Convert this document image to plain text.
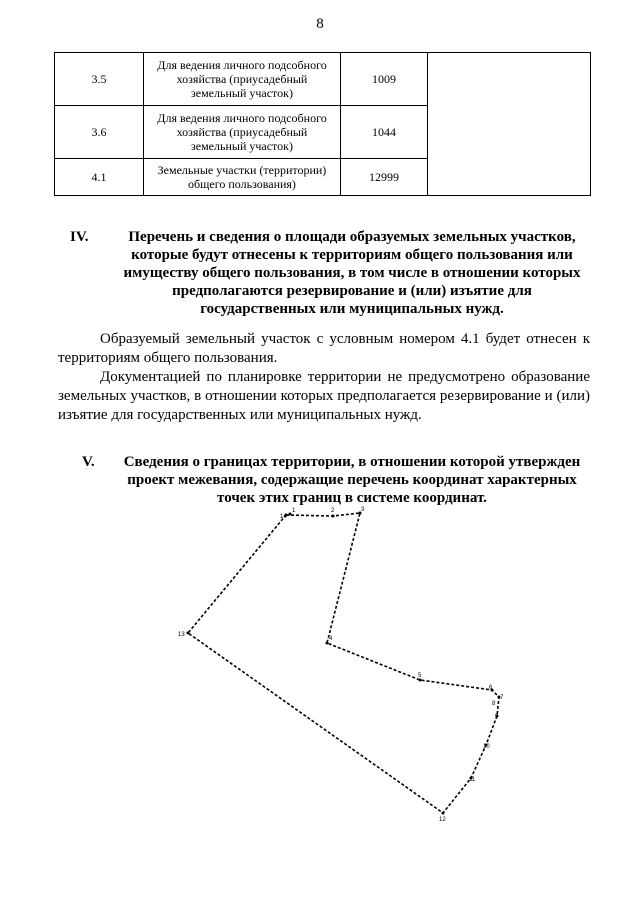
8
3.5	Для ведения личного подсобного хозяйства (приусадебный земельный участок)	1009	
3.6	Для ведения личного подсобного хозяйства (приусадебный земельный участок)	1044	
4.1	Земельные участки (территории) общего пользования)	12999	
IV.	Перечень и сведения о площади образуемых земельных участков, которые будут отнесены к территориям общего пользования или имуществу общего пользования, в том числе в отношении которых предполагаются резервирование и (или) изъятие для государственных или муниципальных нужд.
Образуемый земельный участок с условным номером 4.1 будет отнесен к территориям общего пользования.
Документацией по планировке территории не предусмотрено образование земельных участков, в отношении которых предполагается резервирование и (или) изъятие для государственных или муниципальных нужд.
V.	Сведения о границах территории, в отношении которой утвержден проект межевания, содержащие перечень координат характерных точек этих границ в системе координат.
1	2	3
4
5
6
7
8
9
10
11
12
13
14
